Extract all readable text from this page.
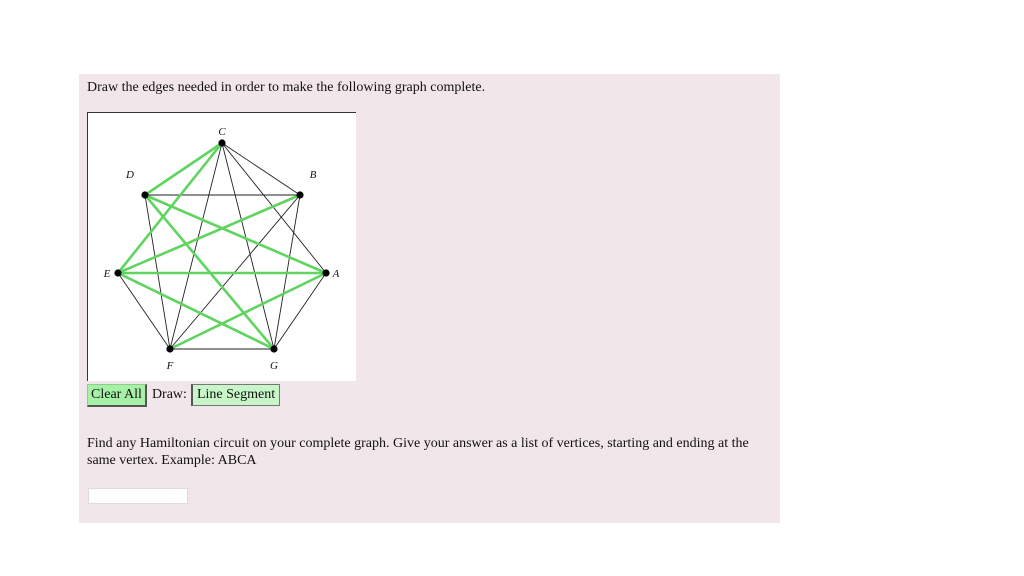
Draw the edges needed in order to make the following graph complete.
A
B
C
D
E
F	G
Clear All Draw: Line Segment
Find any Hamiltonian circuit on your complete graph. Give your answer as a list of vertices, starting and ending at the same vertex. Example: ABCA
